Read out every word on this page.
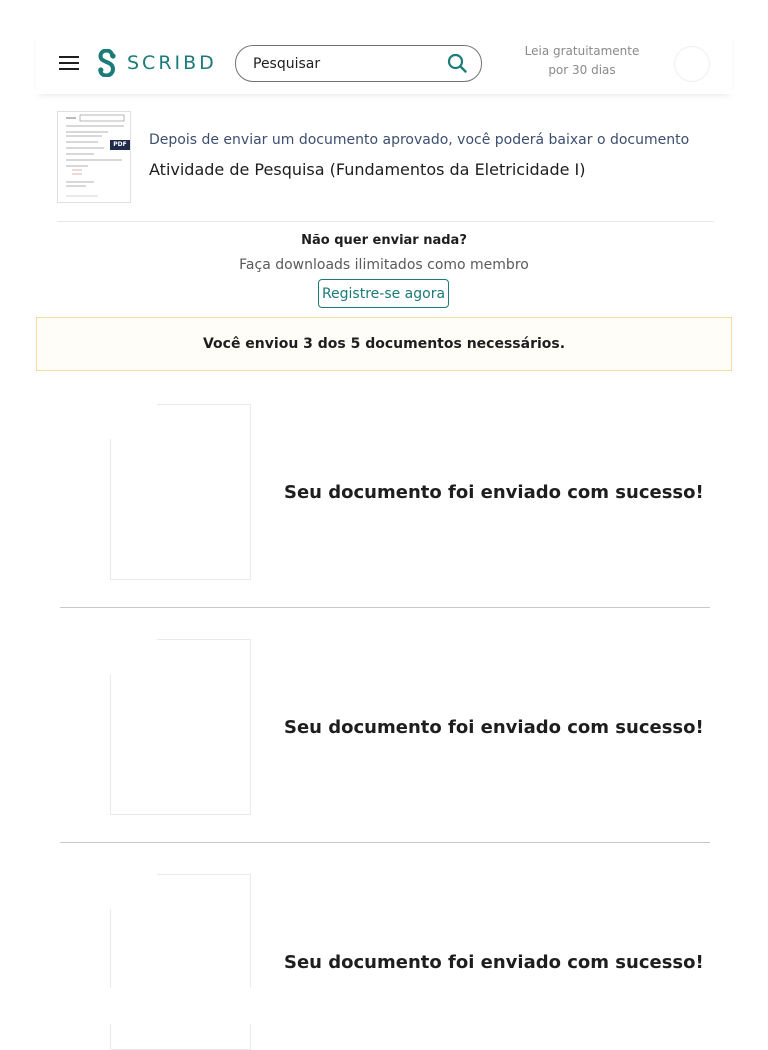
SCRIBD
Pesquisar
Leia gratuitamente
por 30 dias
PDF Depois de enviar um documento aprovado, você poderá baixar o documento
Atividade de Pesquisa (Fundamentos da Eletricidade I)
Não quer enviar nada?
Faça downloads ilimitados como membro
Registre-se agora
Você enviou 3 dos 5 documentos necessários.
Seu documento foi enviado com sucesso!
Seu documento foi enviado com sucesso!
Seu documento foi enviado com sucesso!
